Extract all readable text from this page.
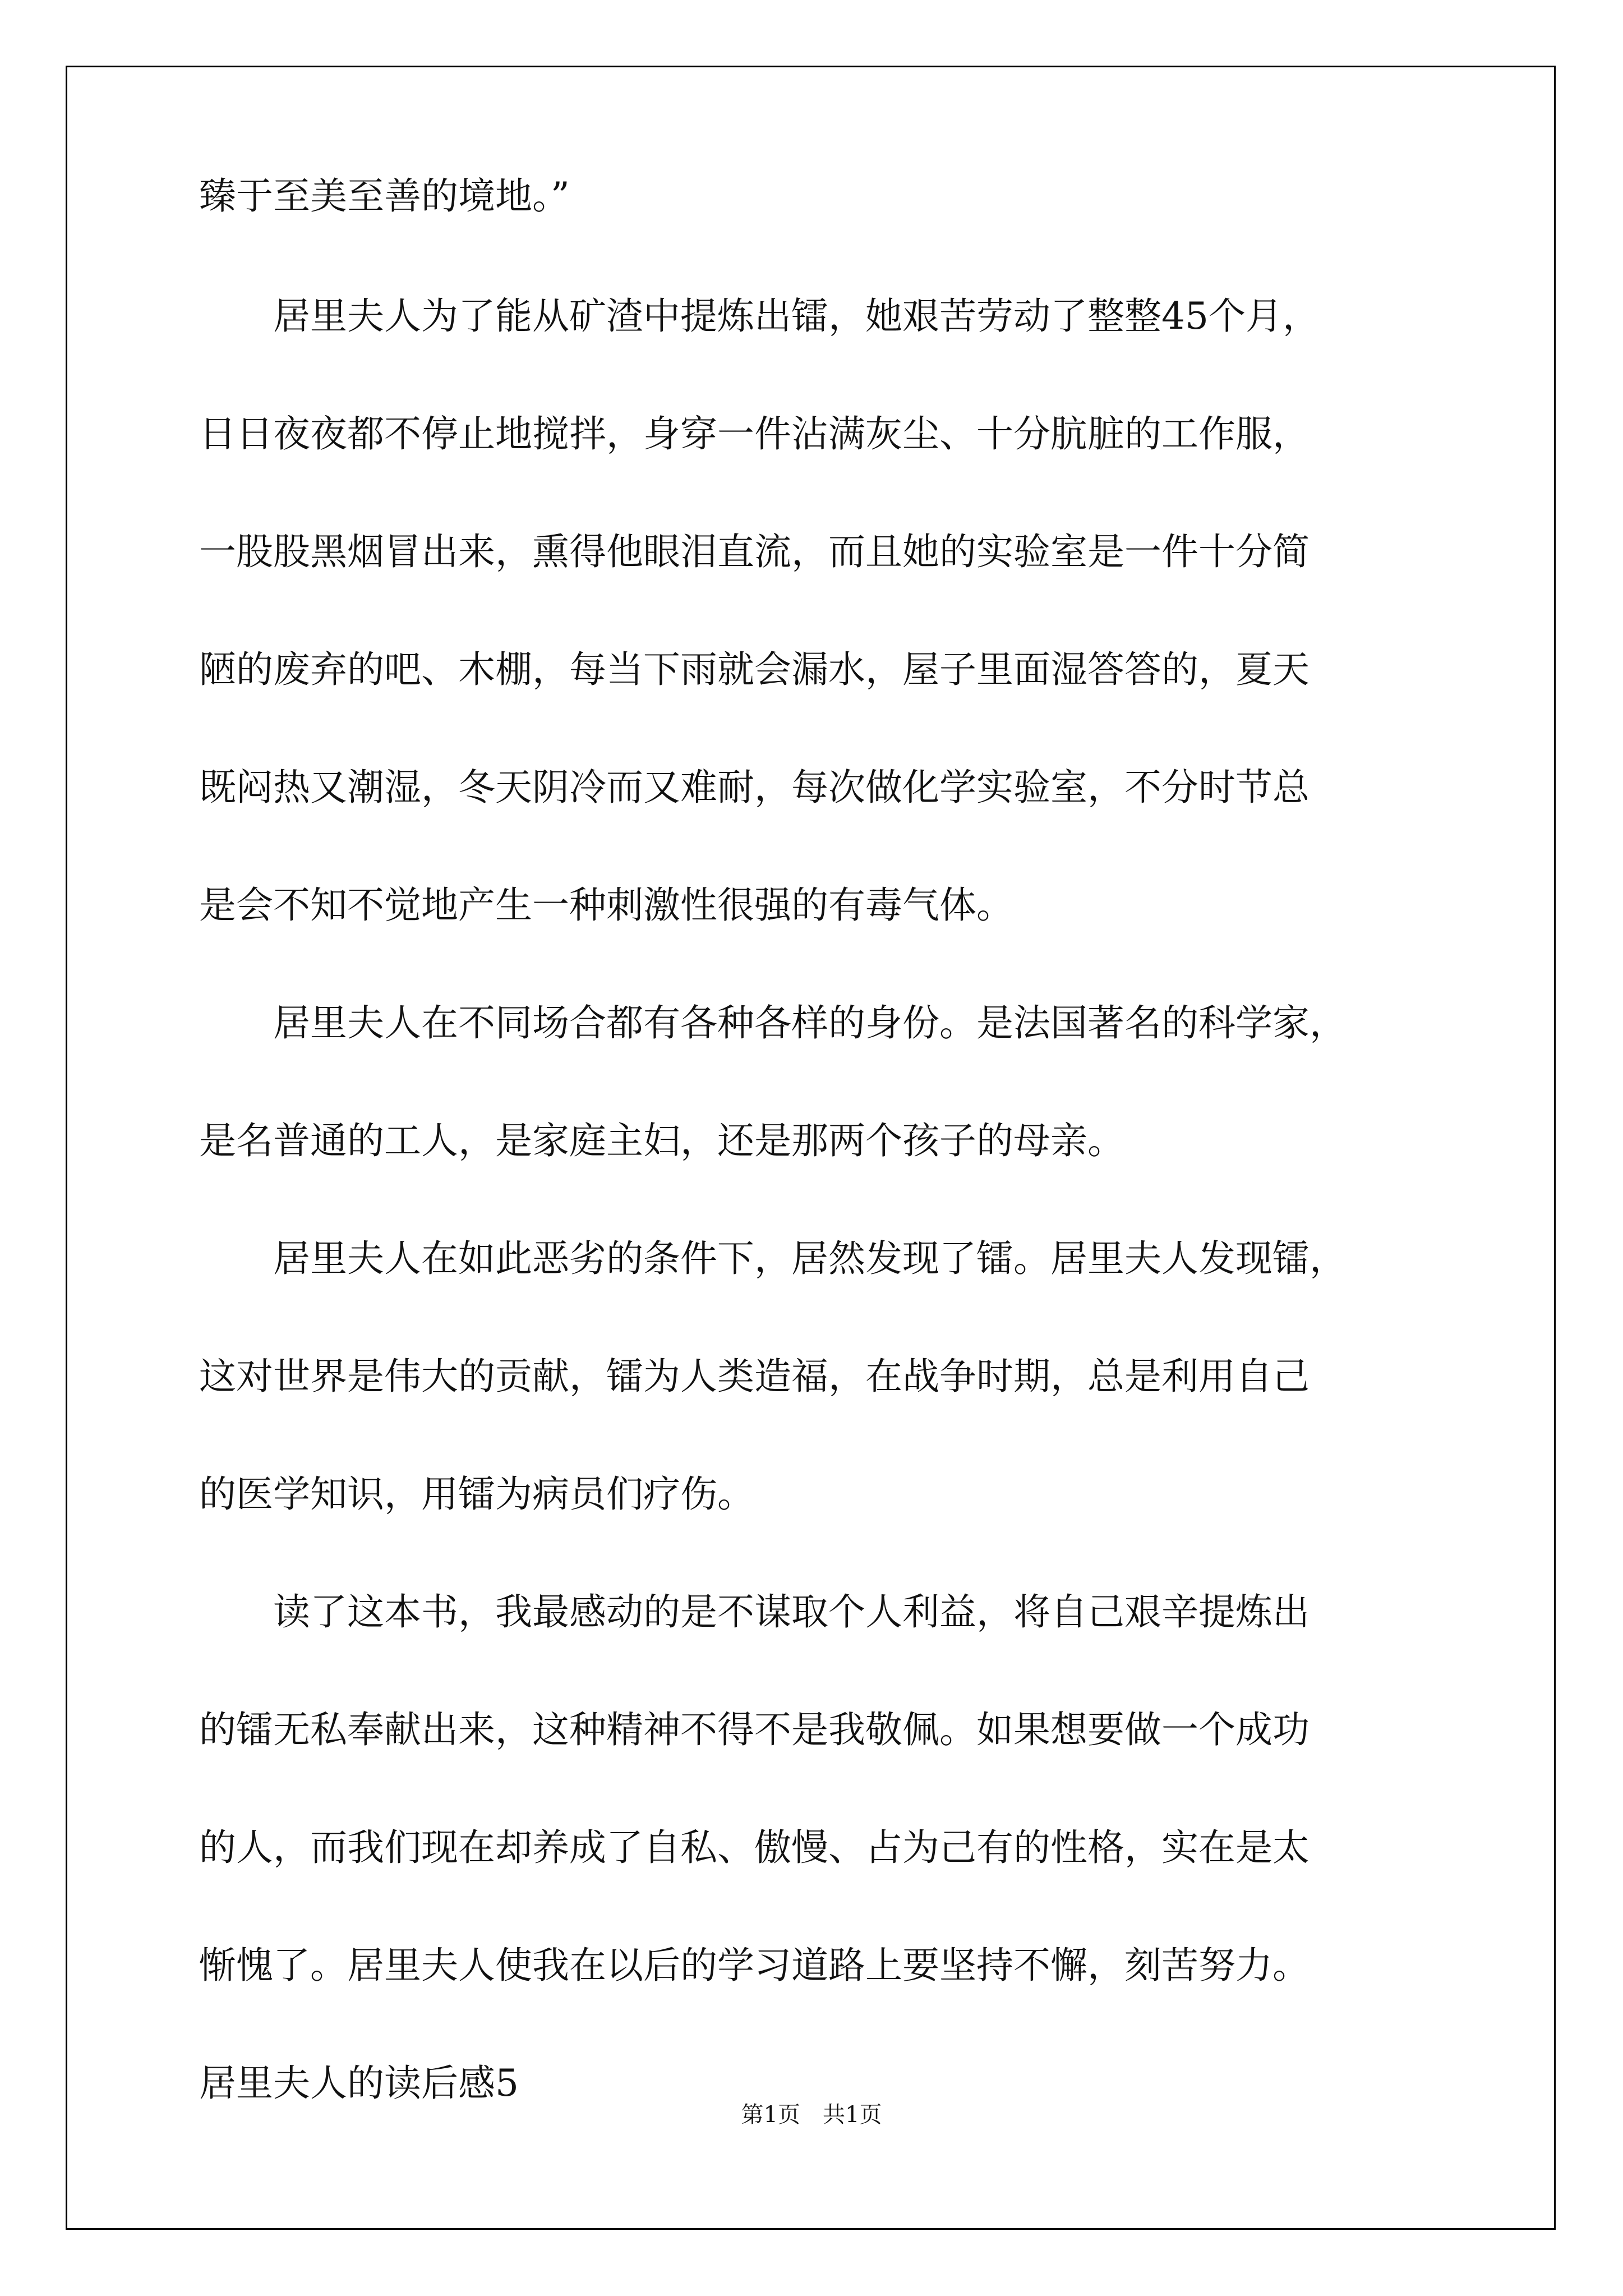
臻于至美至善的境地。”
　　居里夫人为了能从矿渣中提炼出镭，她艰苦劳动了整整45个月，
日日夜夜都不停止地搅拌，身穿一件沾满灰尘、十分肮脏的工作服，
一股股黑烟冒出来，熏得他眼泪直流，而且她的实验室是一件十分简
陋的废弃的吧、木棚，每当下雨就会漏水，屋子里面湿答答的，夏天
既闷热又潮湿，冬天阴冷而又难耐，每次做化学实验室，不分时节总
是会不知不觉地产生一种刺激性很强的有毒气体。
　　居里夫人在不同场合都有各种各样的身份。是法国著名的科学家，
是名普通的工人，是家庭主妇，还是那两个孩子的母亲。
　　居里夫人在如此恶劣的条件下，居然发现了镭。居里夫人发现镭，
这对世界是伟大的贡献，镭为人类造福，在战争时期，总是利用自己
的医学知识，用镭为病员们疗伤。
　　读了这本书，我最感动的是不谋取个人利益，将自己艰辛提炼出
的镭无私奉献出来，这种精神不得不是我敬佩。如果想要做一个成功
的人，而我们现在却养成了自私、傲慢、占为己有的性格，实在是太
惭愧了。居里夫人使我在以后的学习道路上要坚持不懈，刻苦努力。
居里夫人的读后感5
第1页　共1页
